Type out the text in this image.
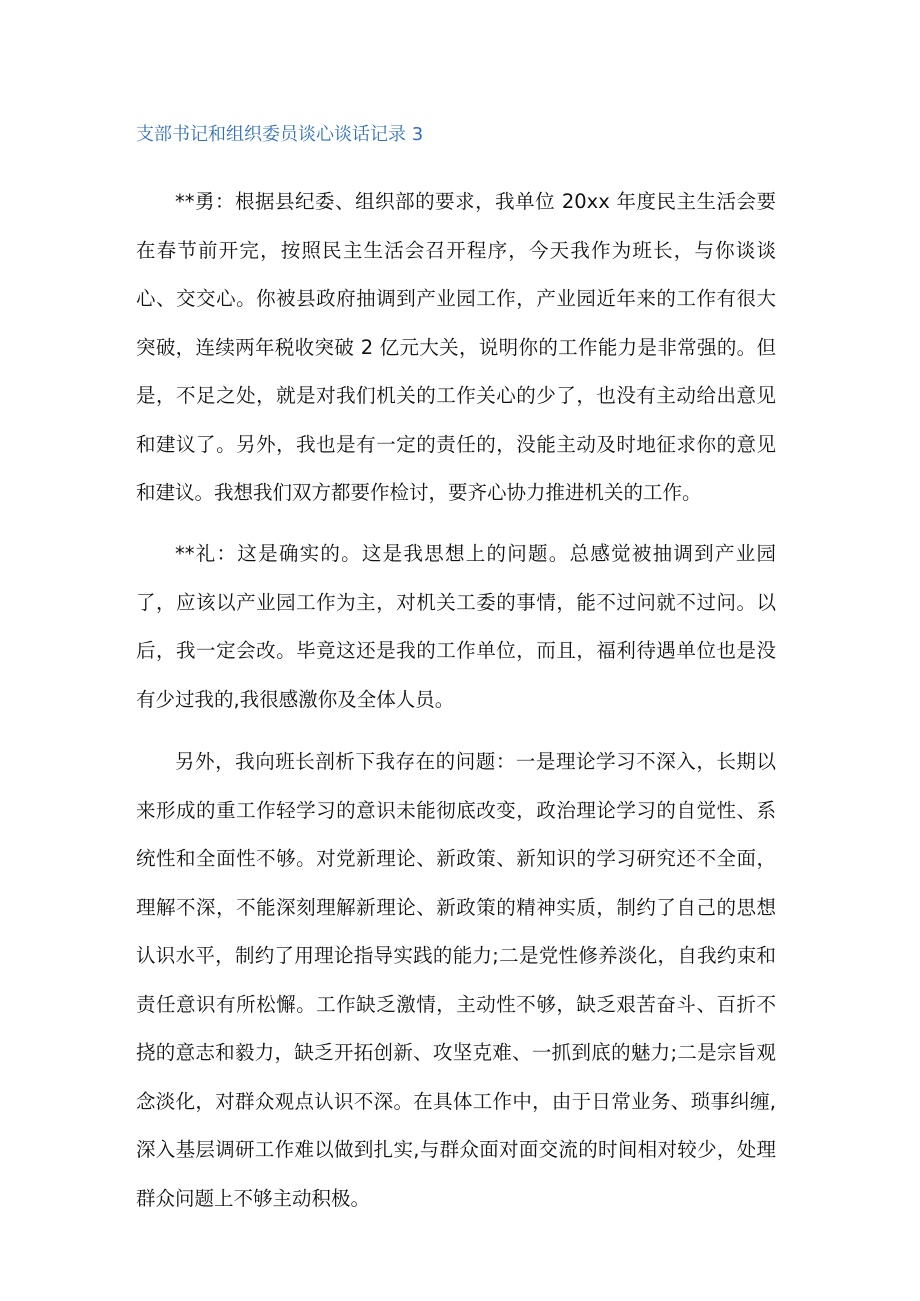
支部书记和组织委员谈心谈话记录 3

**勇：根据县纪委、组织部的要求，我单位 20xx 年度民主生活会要在春节前开完，按照民主生活会召开程序，今天我作为班长，与你谈谈心、交交心。你被县政府抽调到产业园工作，产业园近年来的工作有很大突破，连续两年税收突破 2 亿元大关，说明你的工作能力是非常强的。但是，不足之处，就是对我们机关的工作关心的少了，也没有主动给出意见和建议了。另外，我也是有一定的责任的，没能主动及时地征求你的意见和建议。我想我们双方都要作检讨，要齐心协力推进机关的工作。

**礼：这是确实的。这是我思想上的问题。总感觉被抽调到产业园了，应该以产业园工作为主，对机关工委的事情，能不过问就不过问。以后，我一定会改。毕竟这还是我的工作单位，而且，福利待遇单位也是没有少过我的,我很感激你及全体人员。

另外，我向班长剖析下我存在的问题：一是理论学习不深入，长期以来形成的重工作轻学习的意识未能彻底改变，政治理论学习的自觉性、系统性和全面性不够。对党新理论、新政策、新知识的学习研究还不全面，理解不深，不能深刻理解新理论、新政策的精神实质，制约了自己的思想认识水平，制约了用理论指导实践的能力;二是党性修养淡化，自我约束和责任意识有所松懈。工作缺乏激情，主动性不够，缺乏艰苦奋斗、百折不挠的意志和毅力，缺乏开拓创新、攻坚克难、一抓到底的魅力;二是宗旨观念淡化，对群众观点认识不深。在具体工作中，由于日常业务、琐事纠缠,深入基层调研工作难以做到扎实,与群众面对面交流的时间相对较少，处理群众问题上不够主动积极。
